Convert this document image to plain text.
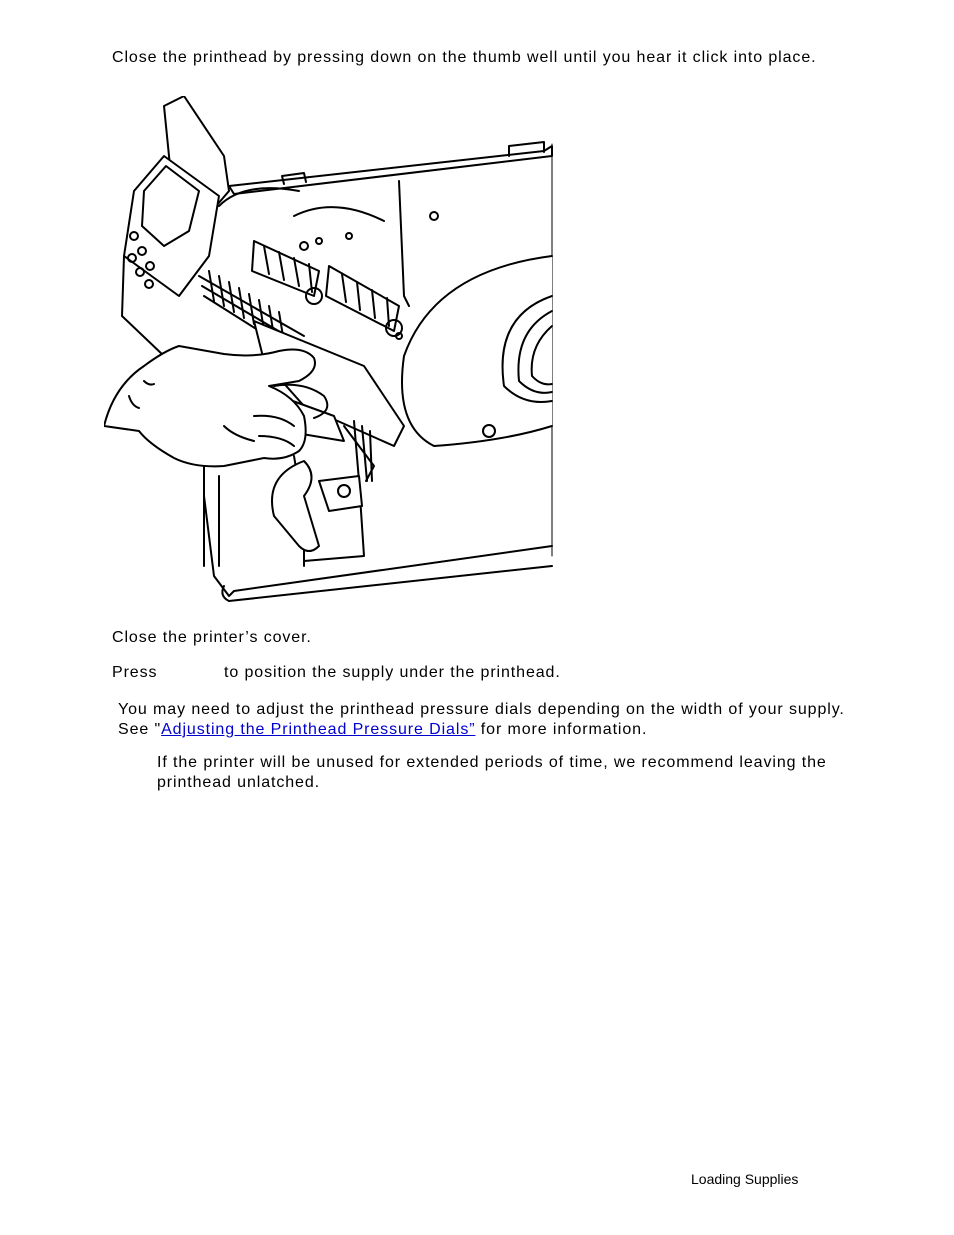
Close the printhead by pressing down on the thumb well until you hear it click into place.

Close the printer’s cover.

Press	to position the supply under the printhead.

You may need to adjust the printhead pressure dials depending on the width of your supply. See "Adjusting the Printhead Pressure Dials” for more information.

If the printer will be unused for extended periods of time, we recommend leaving the printhead unlatched.

Loading Supplies
